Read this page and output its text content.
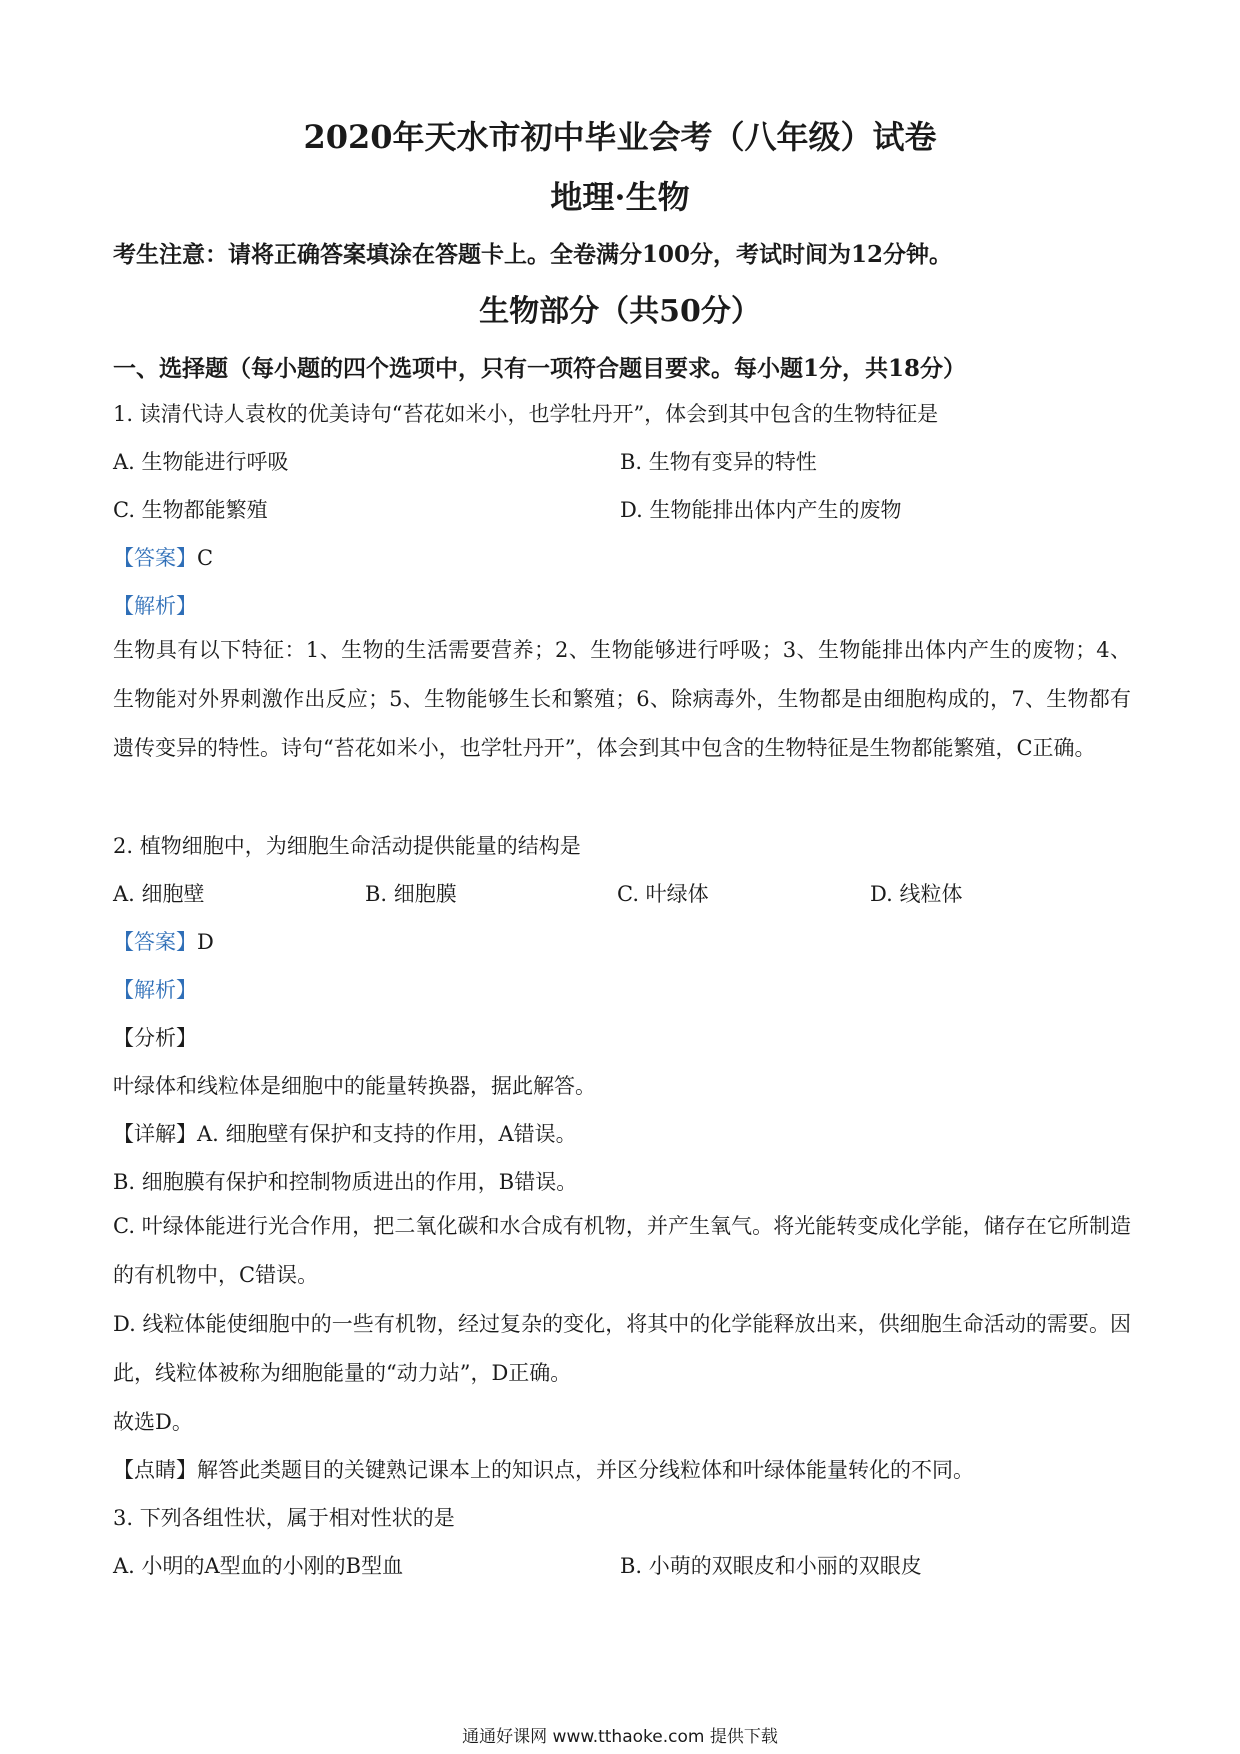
2020年天水市初中毕业会考（八年级）试卷
地理·生物
考生注意：请将正确答案填涂在答题卡上。全卷满分100分，考试时间为12分钟。
生物部分（共50分）
一、选择题（每小题的四个选项中，只有一项符合题目要求。每小题1分，共18分）
1. 读清代诗人袁枚的优美诗句“苔花如米小，也学牡丹开”，体会到其中包含的生物特征是
A. 生物能进行呼吸	B. 生物有变异的特性
C. 生物都能繁殖	D. 生物能排出体内产生的废物
【答案】C
【解析】
生物具有以下特征：1、生物的生活需要营养；2、生物能够进行呼吸；3、生物能排出体内产生的废物；4、生物能对外界刺激作出反应；5、生物能够生长和繁殖；6、除病毒外，生物都是由细胞构成的，7、生物都有遗传变异的特性。诗句“苔花如米小，也学牡丹开”，体会到其中包含的生物特征是生物都能繁殖，C正确。
2. 植物细胞中，为细胞生命活动提供能量的结构是
A. 细胞壁	B. 细胞膜	C. 叶绿体	D. 线粒体
【答案】D
【解析】
【分析】
叶绿体和线粒体是细胞中的能量转换器，据此解答。
【详解】A. 细胞壁有保护和支持的作用，A错误。
B. 细胞膜有保护和控制物质进出的作用，B错误。
C. 叶绿体能进行光合作用，把二氧化碳和水合成有机物，并产生氧气。将光能转变成化学能，储存在它所制造的有机物中，C错误。
D. 线粒体能使细胞中的一些有机物，经过复杂的变化，将其中的化学能释放出来，供细胞生命活动的需要。因此，线粒体被称为细胞能量的“动力站”，D正确。
故选D。
【点睛】解答此类题目的关键熟记课本上的知识点，并区分线粒体和叶绿体能量转化的不同。
3. 下列各组性状，属于相对性状的是
A. 小明的A型血的小刚的B型血	B. 小萌的双眼皮和小丽的双眼皮
通通好课网 www.tthaoke.com 提供下载
